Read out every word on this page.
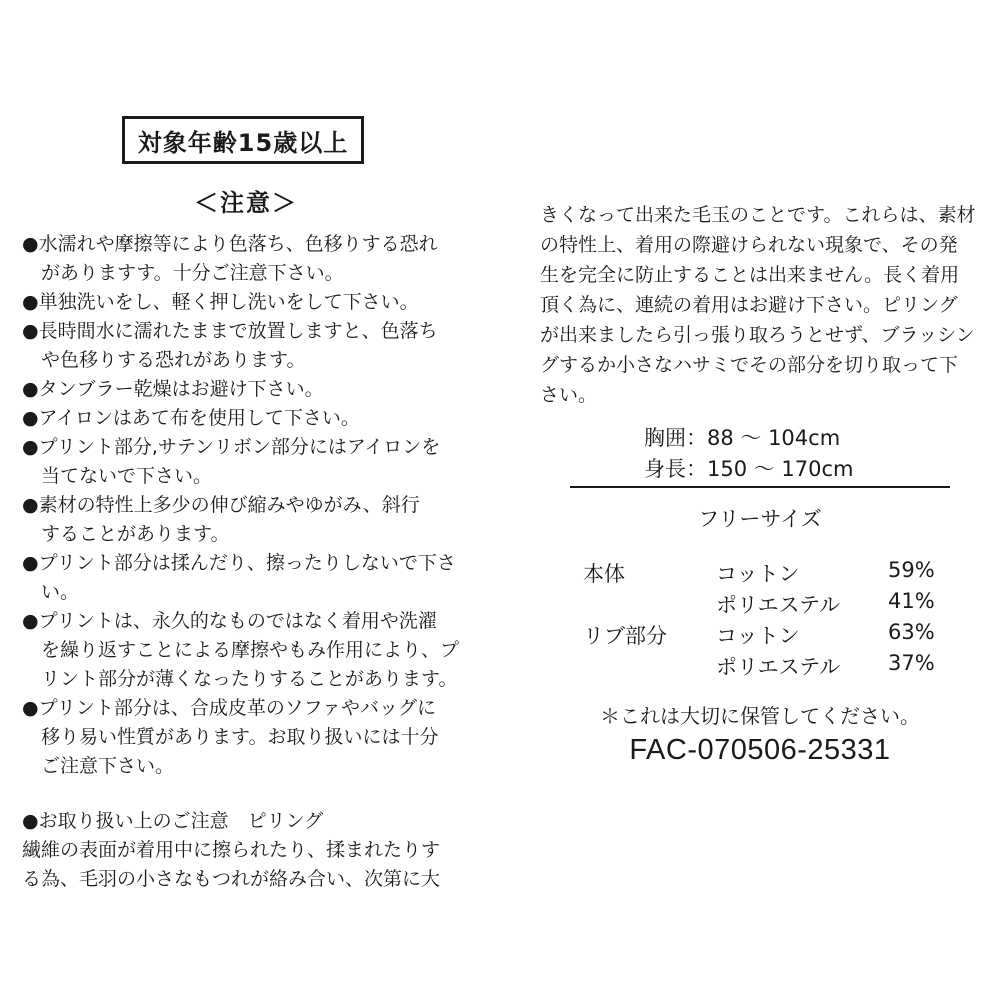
対象年齢15歳以上
＜注意＞
●水濡れや摩擦等により色落ち、色移りする恐れ
　がありますす。十分ご注意下さい。
●単独洗いをし、軽く押し洗いをして下さい。
●長時間水に濡れたままで放置しますと、色落ち
　や色移りする恐れがあります。
●タンブラー乾燥はお避け下さい。
●アイロンはあて布を使用して下さい。
●プリント部分,サテンリボン部分にはアイロンを
　当てないで下さい。
●素材の特性上多少の伸び縮みやゆがみ、斜行
　することがあります。
●プリント部分は揉んだり、擦ったりしないで下さ
　い。
●プリントは、永久的なものではなく着用や洗濯
　を繰り返すことによる摩擦やもみ作用により、プ
　リント部分が薄くなったりすることがあります。
●プリント部分は、合成皮革のソファやバッグに
　移り易い性質があります。お取り扱いには十分
　ご注意下さい。
●お取り扱い上のご注意　ピリング
繊維の表面が着用中に擦られたり、揉まれたりす
る為、毛羽の小さなもつれが絡み合い、次第に大
きくなって出来た毛玉のことです。これらは、素材
の特性上、着用の際避けられない現象で、その発
生を完全に防止することは出来ません。長く着用
頂く為に、連続の着用はお避け下さい。ピリング
が出来ましたら引っ張り取ろうとせず、ブラッシン
グするか小さなハサミでその部分を切り取って下
さい。
胸囲：88 〜 104cm
身長：150 〜 170cm
フリーサイズ
本体	コットン	59%
ポリエステル 41%
リブ部分 コットン	63%
ポリエステル 37%
＊これは大切に保管してください。
FAC-070506-25331
